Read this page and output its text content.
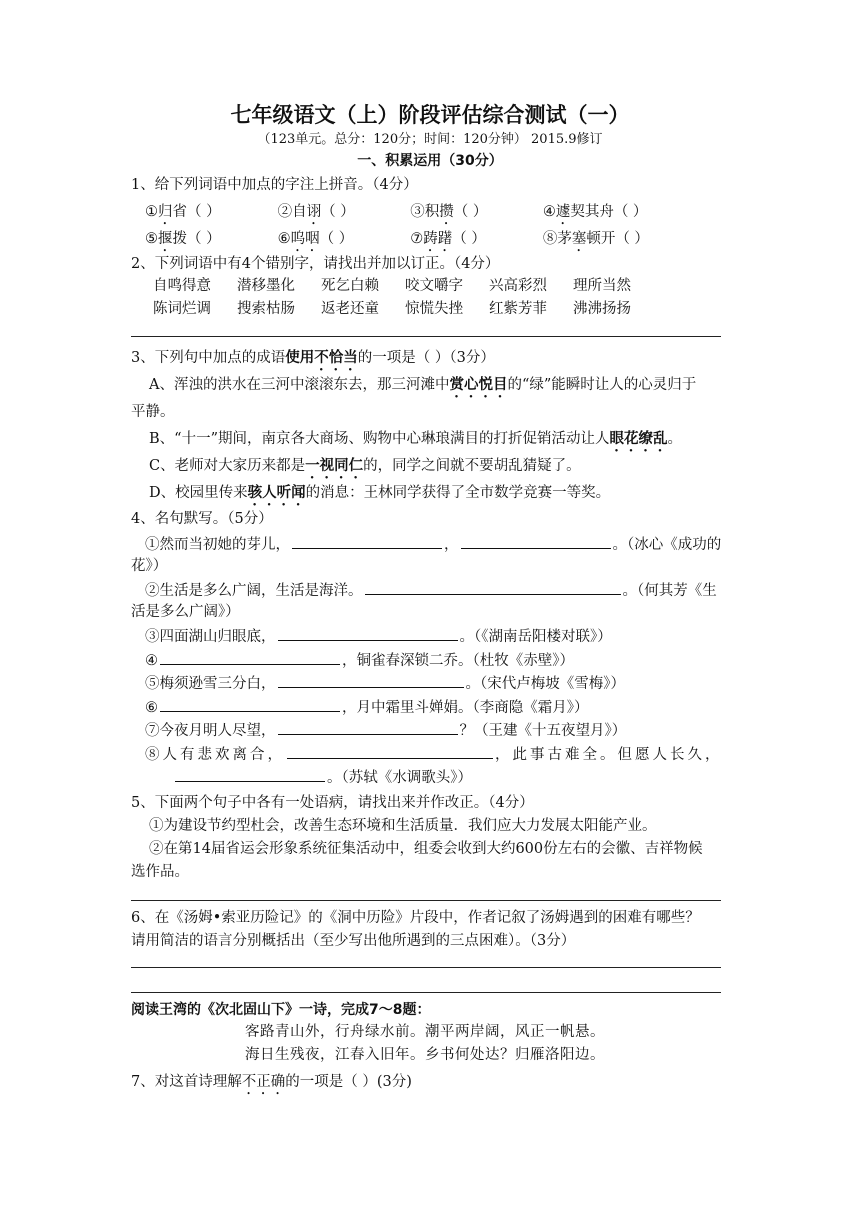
七年级语文（上）阶段评估综合测试（一）
（123单元。总分：120分；时间：120分钟） 2015.9修订
一、积累运用（30分）
1、给下列词语中加点的字注上拼音。（4分）
①归省（ ）	②自诩（ ）	③积攒（ ）	④遽契其舟（ ）
⑤揠拨（ ）	⑥呜咽（ ）	⑦踌躇（ ）	⑧茅塞顿开（ ）
2、下列词语中有4个错别字，请找出并加以订正。（4分）
自鸣得意 潜移墨化 死乞白赖 咬文嚼字 兴高彩烈 理所当然
陈词烂调 搜索枯肠 返老还童 惊慌失挫 红紫芳菲 沸沸扬扬
3、下列句中加点的成语使用不恰当的一项是（ ）（3分）
A、浑浊的洪水在三河中滚滚东去，那三河滩中赏心悦目的“绿”能瞬时让人的心灵归于
平静。
B、“十一”期间，南京各大商场、购物中心琳琅满目的打折促销活动让人眼花缭乱。
C、老师对大家历来都是一视同仁的，同学之间就不要胡乱猜疑了。
D、校园里传来骇人听闻的消息：王林同学获得了全市数学竞赛一等奖。
4、名句默写。（5分）
①然而当初她的芽儿，	，	。（冰心《成功的
花》）
②生活是多么广阔，生活是海洋。	。（何其芳《生
活是多么广阔》）
③四面湖山归眼底，	。（《湖南岳阳楼对联》）
④	，铜雀春深锁二乔。（杜牧《赤壁》）
⑤梅须逊雪三分白，	。（宋代卢梅坡《雪梅》）
⑥	，月中霜里斗婵娟。（李商隐《霜月》）
⑦今夜月明人尽望，	？（王建《十五夜望月》）
⑧人有悲欢离合，	，此事古难全。但愿人长久，
。（苏轼《水调歌头》）
5、下面两个句子中各有一处语病，请找出来并作改正。（4分）
①为建设节约型杜会，改善生态环境和生活质量．我们应大力发展太阳能产业。
②在第14届省运会形象系统征集活动中，组委会收到大约600份左右的会徽、吉祥物候
选作品。
6、在《汤姆•索亚历险记》的《洞中历险》片段中，作者记叙了汤姆遇到的困难有哪些？
请用简洁的语言分别概括出（至少写出他所遇到的三点困难）。（3分）
阅读王湾的《次北固山下》一诗，完成7～8题：
客路青山外，行舟绿水前。潮平两岸阔，风正一帆悬。
海日生残夜，江春入旧年。乡书何处达？归雁洛阳边。
7、对这首诗理解不正确的一项是（ ）(3分)
